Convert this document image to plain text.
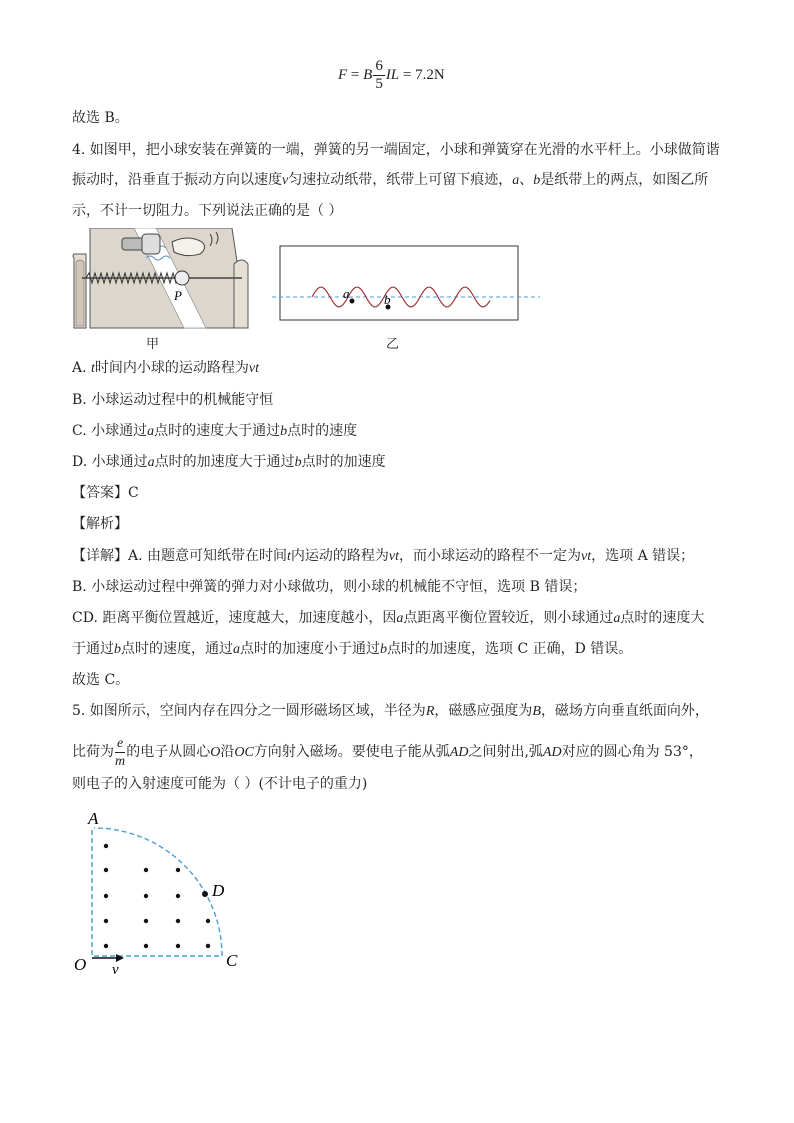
F = B $\frac{6}{5}$ IL = 7.2N
故选 B。
4. 如图甲，把小球安装在弹簧的一端，弹簧的另一端固定，小球和弹簧穿在光滑的水平杆上。小球做简谐
振动时，沿垂直于振动方向以速度v匀速拉动纸带，纸带上可留下痕迹，a、b是纸带上的两点，如图乙所
示，不计一切阻力。下列说法正确的是（ ）
P
甲
a	b
乙
A. t时间内小球的运动路程为vt
B. 小球运动过程中的机械能守恒
C. 小球通过a点时的速度大于通过b点时的速度
D. 小球通过a点时的加速度大于通过b点时的加速度
【答案】C
【解析】
【详解】A. 由题意可知纸带在时间t内运动的路程为vt，而小球运动的路程不一定为vt，选项 A 错误；
B. 小球运动过程中弹簧的弹力对小球做功，则小球的机械能不守恒，选项 B 错误；
CD. 距离平衡位置越近，速度越大，加速度越小，因a点距离平衡位置较近，则小球通过a点时的速度大
于通过b点时的速度，通过a点时的加速度小于通过b点时的加速度，选项 C 正确，D 错误。
故选 C。
5. 如图所示，空间内存在四分之一圆形磁场区域，半径为R，磁感应强度为B，磁场方向垂直纸面向外，
比荷为 $\frac{e}{m}$ 的电子从圆心O沿OC方向射入磁场。要使电子能从弧AD之间射出,弧AD对应的圆心角为 53°，
则电子的入射速度可能为（ ）(不计电子的重力)
A
D
O	C
v
